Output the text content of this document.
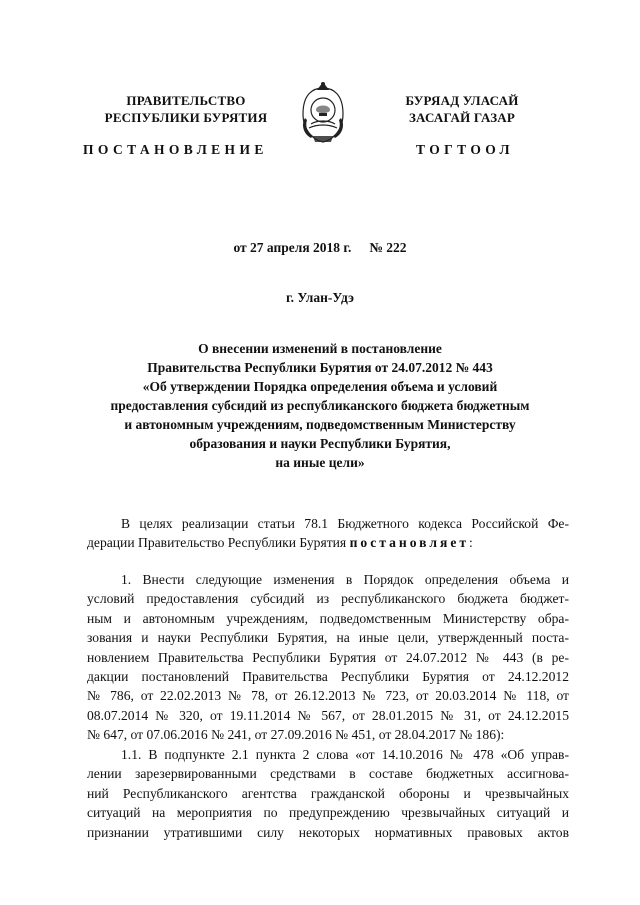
ПРАВИТЕЛЬСТВО
РЕСПУБЛИКИ БУРЯТИЯ
ПОСТАНОВЛЕНИЕ
БУРЯАД УЛАСАЙ
ЗАСАГАЙ ГАЗАР
ТОГТООЛ
от 27 апреля 2018 г. № 222
г. Улан-Удэ
О внесении изменений в постановление
Правительства Республики Бурятия от 24.07.2012 № 443
«Об утверждении Порядка определения объема и условий
предоставления субсидий из республиканского бюджета бюджетным
и автономным учреждениям, подведомственным Министерству
образования и науки Республики Бурятия,
на иные цели»
В целях реализации статьи 78.1 Бюджетного кодекса Российской Фе-
дерации Правительство Республики Бурятия постановляет:
1. Внести следующие изменения в Порядок определения объема и
условий предоставления субсидий из республиканского бюджета бюджет-
ным и автономным учреждениям, подведомственным Министерству обра-
зования и науки Республики Бурятия, на иные цели, утвержденный поста-
новлением Правительства Республики Бурятия от 24.07.2012 № 443 (в ре-
дакции постановлений Правительства Республики Бурятия от 24.12.2012
№ 786, от 22.02.2013 № 78, от 26.12.2013 № 723, от 20.03.2014 № 118, от
08.07.2014 № 320, от 19.11.2014 № 567, от 28.01.2015 № 31, от 24.12.2015
№ 647, от 07.06.2016 № 241, от 27.09.2016 № 451, от 28.04.2017 № 186):
1.1. В подпункте 2.1 пункта 2 слова «от 14.10.2016 № 478 «Об управ-
лении зарезервированными средствами в составе бюджетных ассигнова-
ний Республиканского агентства гражданской обороны и чрезвычайных
ситуаций на мероприятия по предупреждению чрезвычайных ситуаций и
признании утратившими силу некоторых нормативных правовых актов
